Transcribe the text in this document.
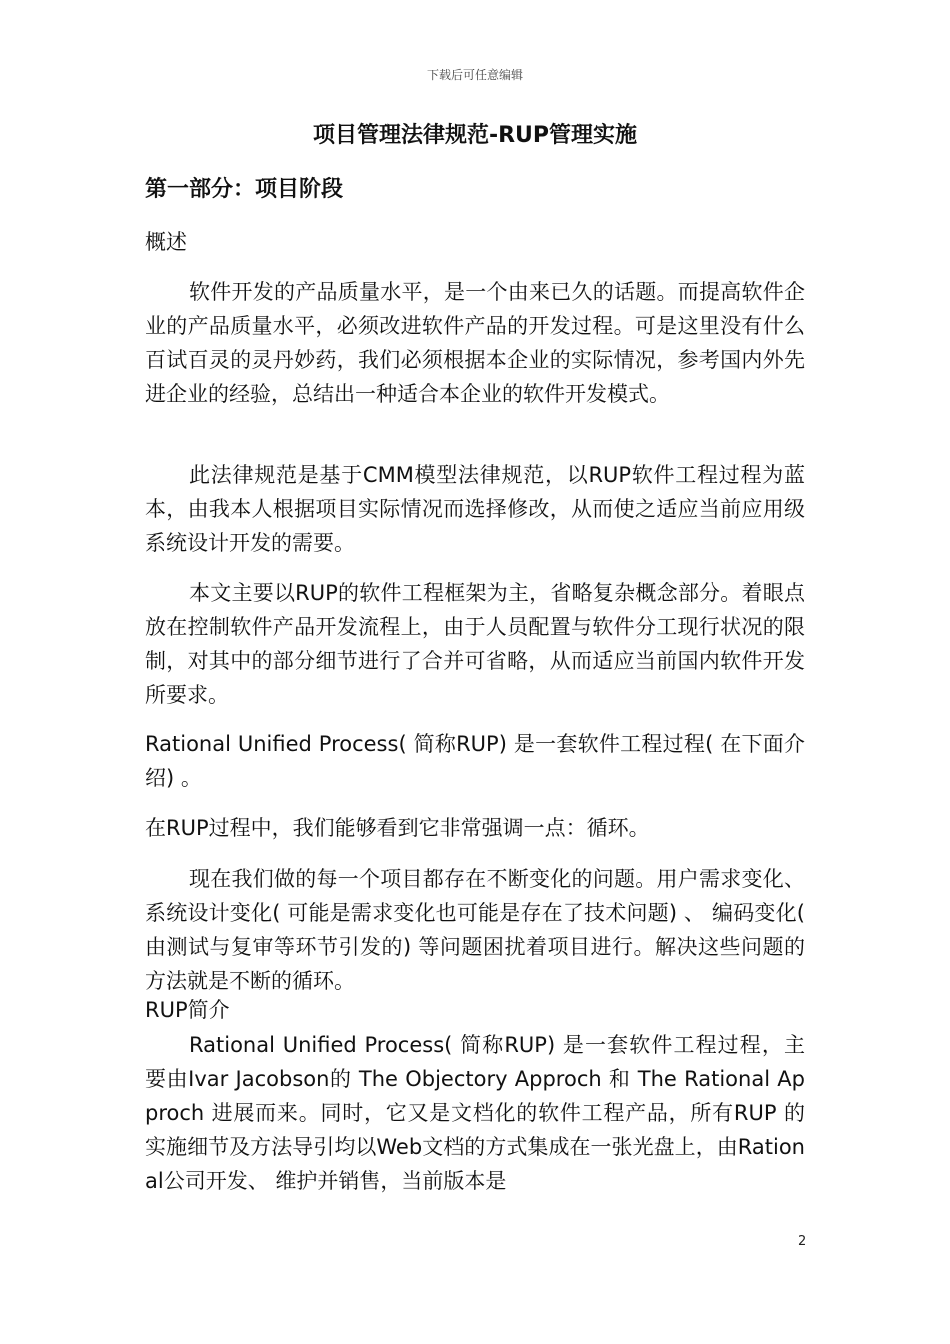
下载后可任意编辑
项目管理法律规范-RUP管理实施
第一部分：项目阶段
概述
软件开发的产品质量水平，是一个由来已久的话题。而提高软件企业的产品质量水平，必须改进软件产品的开发过程。可是这里没有什么百试百灵的灵丹妙药，我们必须根据本企业的实际情况，参考国内外先进企业的经验，总结出一种适合本企业的软件开发模式。
此法律规范是基于CMM模型法律规范，以RUP软件工程过程为蓝本，由我本人根据项目实际情况而选择修改，从而使之适应当前应用级系统设计开发的需要。
本文主要以RUP的软件工程框架为主，省略复杂概念部分。着眼点放在控制软件产品开发流程上，由于人员配置与软件分工现行状况的限制，对其中的部分细节进行了合并可省略，从而适应当前国内软件开发所要求。
Rational Unified Process( 简称RUP) 是一套软件工程过程( 在下面介绍) 。
在RUP过程中，我们能够看到它非常强调一点：循环。
现在我们做的每一个项目都存在不断变化的问题。用户需求变化、 系统设计变化( 可能是需求变化也可能是存在了技术问题) 、 编码变化( 由测试与复审等环节引发的) 等问题困扰着项目进行。解决这些问题的方法就是不断的循环。
RUP简介
Rational Unified Process( 简称RUP) 是一套软件工程过程，主要由Ivar Jacobson的 The Objectory Approch 和 The Rational Approch 进展而来。同时，它又是文档化的软件工程产品，所有RUP 的实施细节及方法导引均以Web文档的方式集成在一张光盘上，由Rational公司开发、 维护并销售，当前版本是
2
